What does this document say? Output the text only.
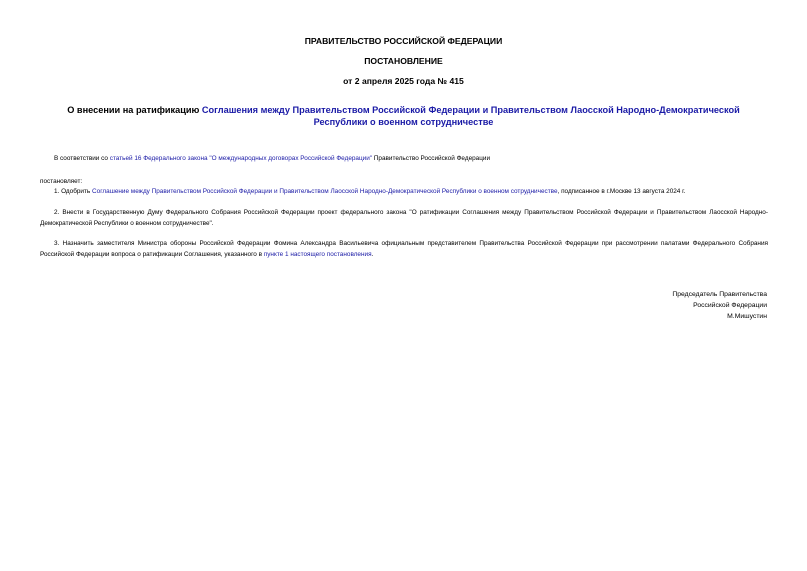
ПРАВИТЕЛЬСТВО РОССИЙСКОЙ ФЕДЕРАЦИИ
ПОСТАНОВЛЕНИЕ
от 2 апреля 2025 года № 415
О внесении на ратификацию Соглашения между Правительством Российской Федерации и Правительством Лаосской Народно-Демократической Республики о военном сотрудничестве
В соответствии со статьей 16 Федерального закона "О международных договорах Российской Федерации" Правительство Российской Федерации
постановляет:
1. Одобрить Соглашение между Правительством Российской Федерации и Правительством Лаосской Народно-Демократической Республики о военном сотрудничестве, подписанное в г.Москве 13 августа 2024 г.
2. Внести в Государственную Думу Федерального Собрания Российской Федерации проект федерального закона "О ратификации Соглашения между Правительством Российской Федерации и Правительством Лаосской Народно-Демократической Республики о военном сотрудничестве".
3. Назначить заместителя Министра обороны Российской Федерации Фомина Александра Васильевича официальным представителем Правительства Российской Федерации при рассмотрении палатами Федерального Собрания Российской Федерации вопроса о ратификации Соглашения, указанного в пункте 1 настоящего постановления.
Председатель Правительства
Российской Федерации
М.Мишустин
